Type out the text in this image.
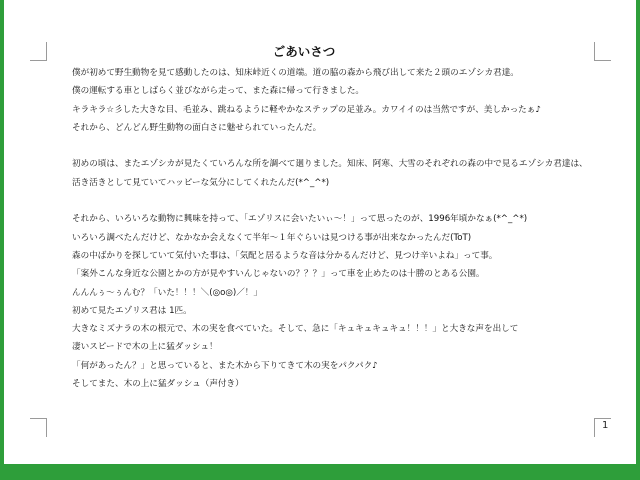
ごあいさつ
僕が初めて野生動物を見て感動したのは、知床峠近くの道端。道の脇の森から飛び出して来た２頭のエゾシカ君達。
僕の運転する車としばらく並びながら走って、また森に帰って行きました。
キラキラ☆彡した大きな目、毛並み、跳ねるように軽やかなステップの足並み。カワイイのは当然ですが、美しかったぁ♪
それから、どんどん野生動物の面白さに魅せられていったんだ。
初めの頃は、またエゾシカが見たくていろんな所を調べて廻りました。知床、阿寒、大雪のそれぞれの森の中で見るエゾシカ君達は、
活き活きとして見ていてハッピーな気分にしてくれたんだ(*^_^*)
それから、いろいろな動物に興味を持って、「エゾリスに会いたいぃ～！」って思ったのが、1996年頃かなぁ(*^_^*)
いろいろ調べたんだけど、なかなか会えなくて半年～１年ぐらいは見つける事が出来なかったんだ(ToT)
森の中ばかりを探していて気付いた事は、「気配と居るような音は分かるんだけど、見つけ辛いよね」って事。
「案外こんな身近な公園とかの方が見やすいんじゃないの？？？」って車を止めたのは十勝のとある公園。
んんんぅ～ぅんむ？「いた！！！＼(◎o◎)／！」
初めて見たエゾリス君は 1匹。
大きなミズナラの木の根元で、木の実を食べていた。そして、急に「キュキュキュキュ！！！」と大きな声を出して
凄いスピードで木の上に猛ダッシュ！
「何があったん？」と思っていると、また木から下りてきて木の実をパクパク♪
そしてまた、木の上に猛ダッシュ（声付き）
1
